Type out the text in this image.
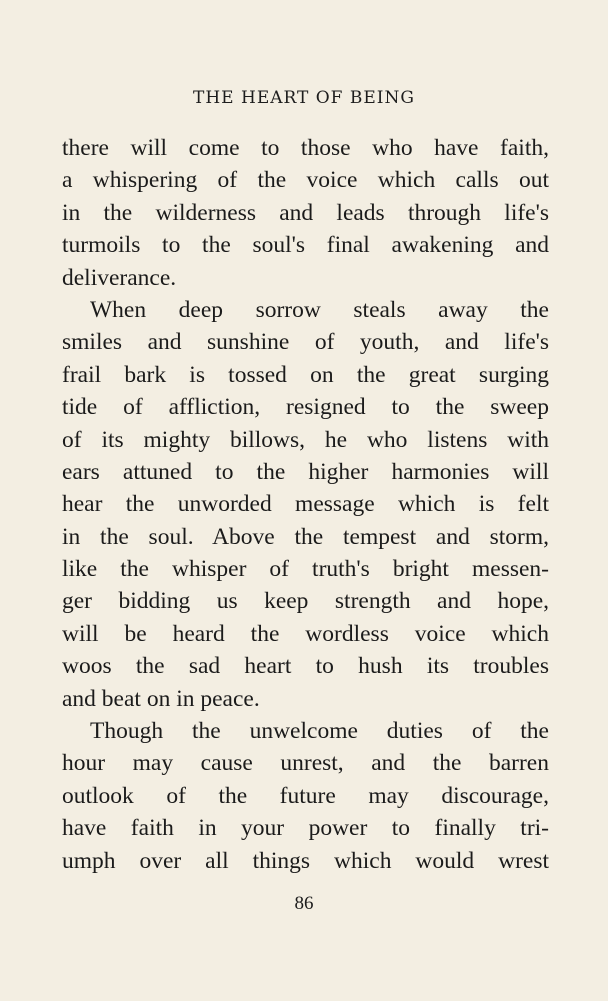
THE HEART OF BEING
there will come to those who have faith,
a whispering of the voice which calls out
in the wilderness and leads through life's
turmoils to the soul's final awakening and
deliverance.
When deep sorrow steals away the
smiles and sunshine of youth, and life's
frail bark is tossed on the great surging
tide of affliction, resigned to the sweep
of its mighty billows, he who listens with
ears attuned to the higher harmonies will
hear the unworded message which is felt
in the soul. Above the tempest and storm,
like the whisper of truth's bright messen-
ger bidding us keep strength and hope,
will be heard the wordless voice which
woos the sad heart to hush its troubles
and beat on in peace.
Though the unwelcome duties of the
hour may cause unrest, and the barren
outlook of the future may discourage,
have faith in your power to finally tri-
umph over all things which would wrest
86
